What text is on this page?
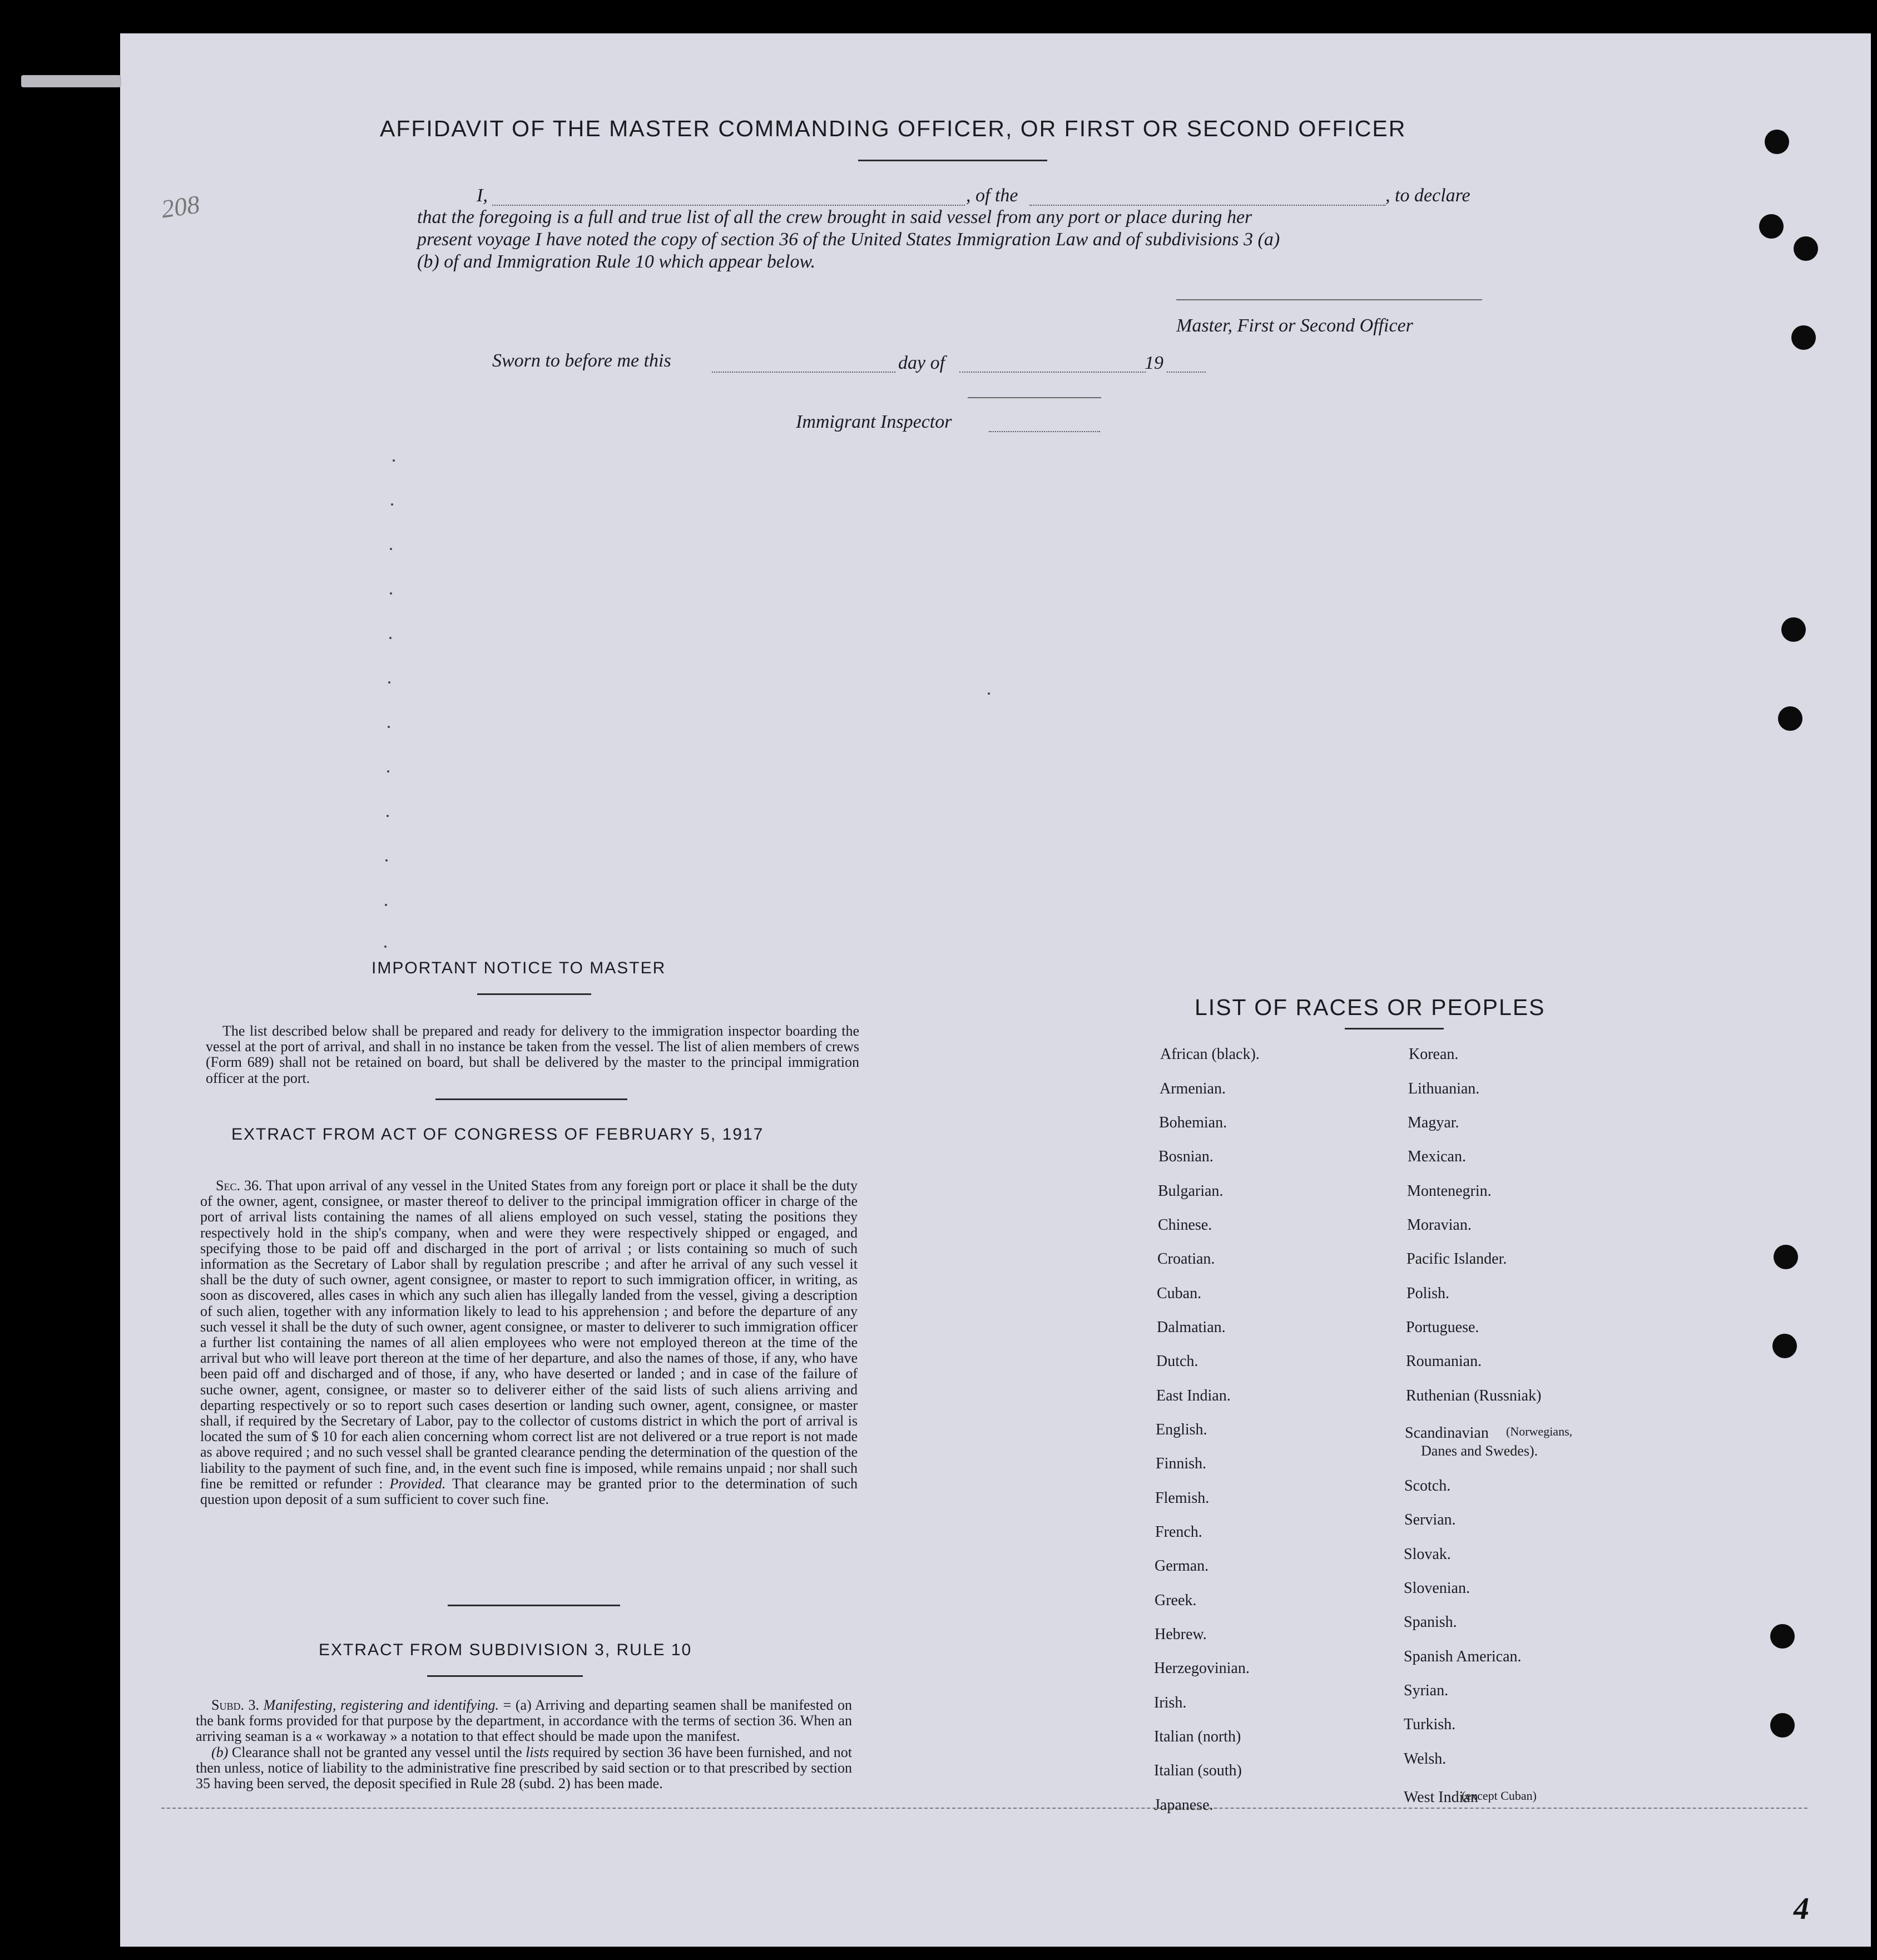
208
4
AFFIDAVIT OF THE MASTER COMMANDING OFFICER, OR FIRST OR SECOND OFFICER
I,	, of the	, to declare
that the foregoing is a full and true list of all the crew brought in said vessel from any port or place during her
present voyage I have noted the copy of section 36 of the United States Immigration Law and of subdivisions 3 (a)
(b) of and Immigration Rule 10 which appear below.
Master, First or Second Officer
Sworn to before me this	day of	19
Immigrant Inspector
IMPORTANT NOTICE TO MASTER
The list described below shall be prepared and ready for delivery to the immigration inspector boarding the vessel at the port of arrival, and shall in no instance be taken from the vessel. The list of alien members of crews (Form 689) shall not be retained on board, but shall be delivered by the master to the principal immigration officer at the port.
EXTRACT FROM ACT OF CONGRESS OF FEBRUARY 5, 1917
Sec. 36. That upon arrival of any vessel in the United States from any foreign port or place it shall be the duty of the owner, agent, consignee, or master thereof to deliver to the principal immigration officer in charge of the port of arrival lists containing the names of all aliens employed on such vessel, stating the positions they respectively hold in the ship's company, when and were they were respectively shipped or engaged, and specifying those to be paid off and discharged in the port of arrival ; or lists containing so much of such information as the Secretary of Labor shall by regulation prescribe ; and after he arrival of any such vessel it shall be the duty of such owner, agent consignee, or master to report to such immigration officer, in writing, as soon as discovered, alles cases in which any such alien has illegally landed from the vessel, giving a description of such alien, together with any information likely to lead to his apprehension ; and before the departure of any such vessel it shall be the duty of such owner, agent consignee, or master to deliverer to such immigration officer a further list containing the names of all alien employees who were not employed thereon at the time of the arrival but who will leave port thereon at the time of her departure, and also the names of those, if any, who have been paid off and discharged and of those, if any, who have deserted or landed ; and in case of the failure of suche owner, agent, consignee, or master so to deliverer either of the said lists of such aliens arriving and departing respectively or so to report such cases desertion or landing such owner, agent, consignee, or master shall, if required by the Secretary of Labor, pay to the collector of customs district in which the port of arrival is located the sum of $ 10 for each alien concerning whom correct list are not delivered or a true report is not made as above required ; and no such vessel shall be granted clearance pending the determination of the question of the liability to the payment of such fine, and, in the event such fine is imposed, while remains unpaid ; nor shall such fine be remitted or refunder : Provided. That clearance may be granted prior to the determination of such question upon deposit of a sum sufficient to cover such fine.
EXTRACT FROM SUBDIVISION 3, RULE 10
Subd. 3. Manifesting, registering and identifying. = (a) Arriving and departing seamen shall be manifested on the bank forms provided for that purpose by the department, in accordance with the terms of section 36. When an arriving seaman is a « workaway » a notation to that effect should be made upon the manifest.
(b) Clearance shall not be granted any vessel until the lists required by section 36 have been furnished, and not then unless, notice of liability to the administrative fine prescribed by said section or to that prescribed by section 35 having been served, the deposit specified in Rule 28 (subd. 2) has been made.
LIST OF RACES OR PEOPLES
African (black).
Armenian.
Bohemian.
Bosnian.
Bulgarian.
Chinese.
Croatian.
Cuban.
Dalmatian.
Dutch.
East Indian.
English.
Finnish.
Flemish.
French.
German.
Greek.
Hebrew.
Herzegovinian.
Irish.
Italian (north)
Italian (south)
Japanese.
Korean.
Lithuanian.
Magyar.
Mexican.
Montenegrin.
Moravian.
Pacific Islander.
Polish.
Portuguese.
Roumanian.
Ruthenian (Russniak)
Scandinavian
Scotch.
Servian.
Slovak.
Slovenian.
Spanish.
Spanish American.
Syrian.
Turkish.
Welsh.
West Indian
(Norwegians,
Danes and Swedes).
(except Cuban)
